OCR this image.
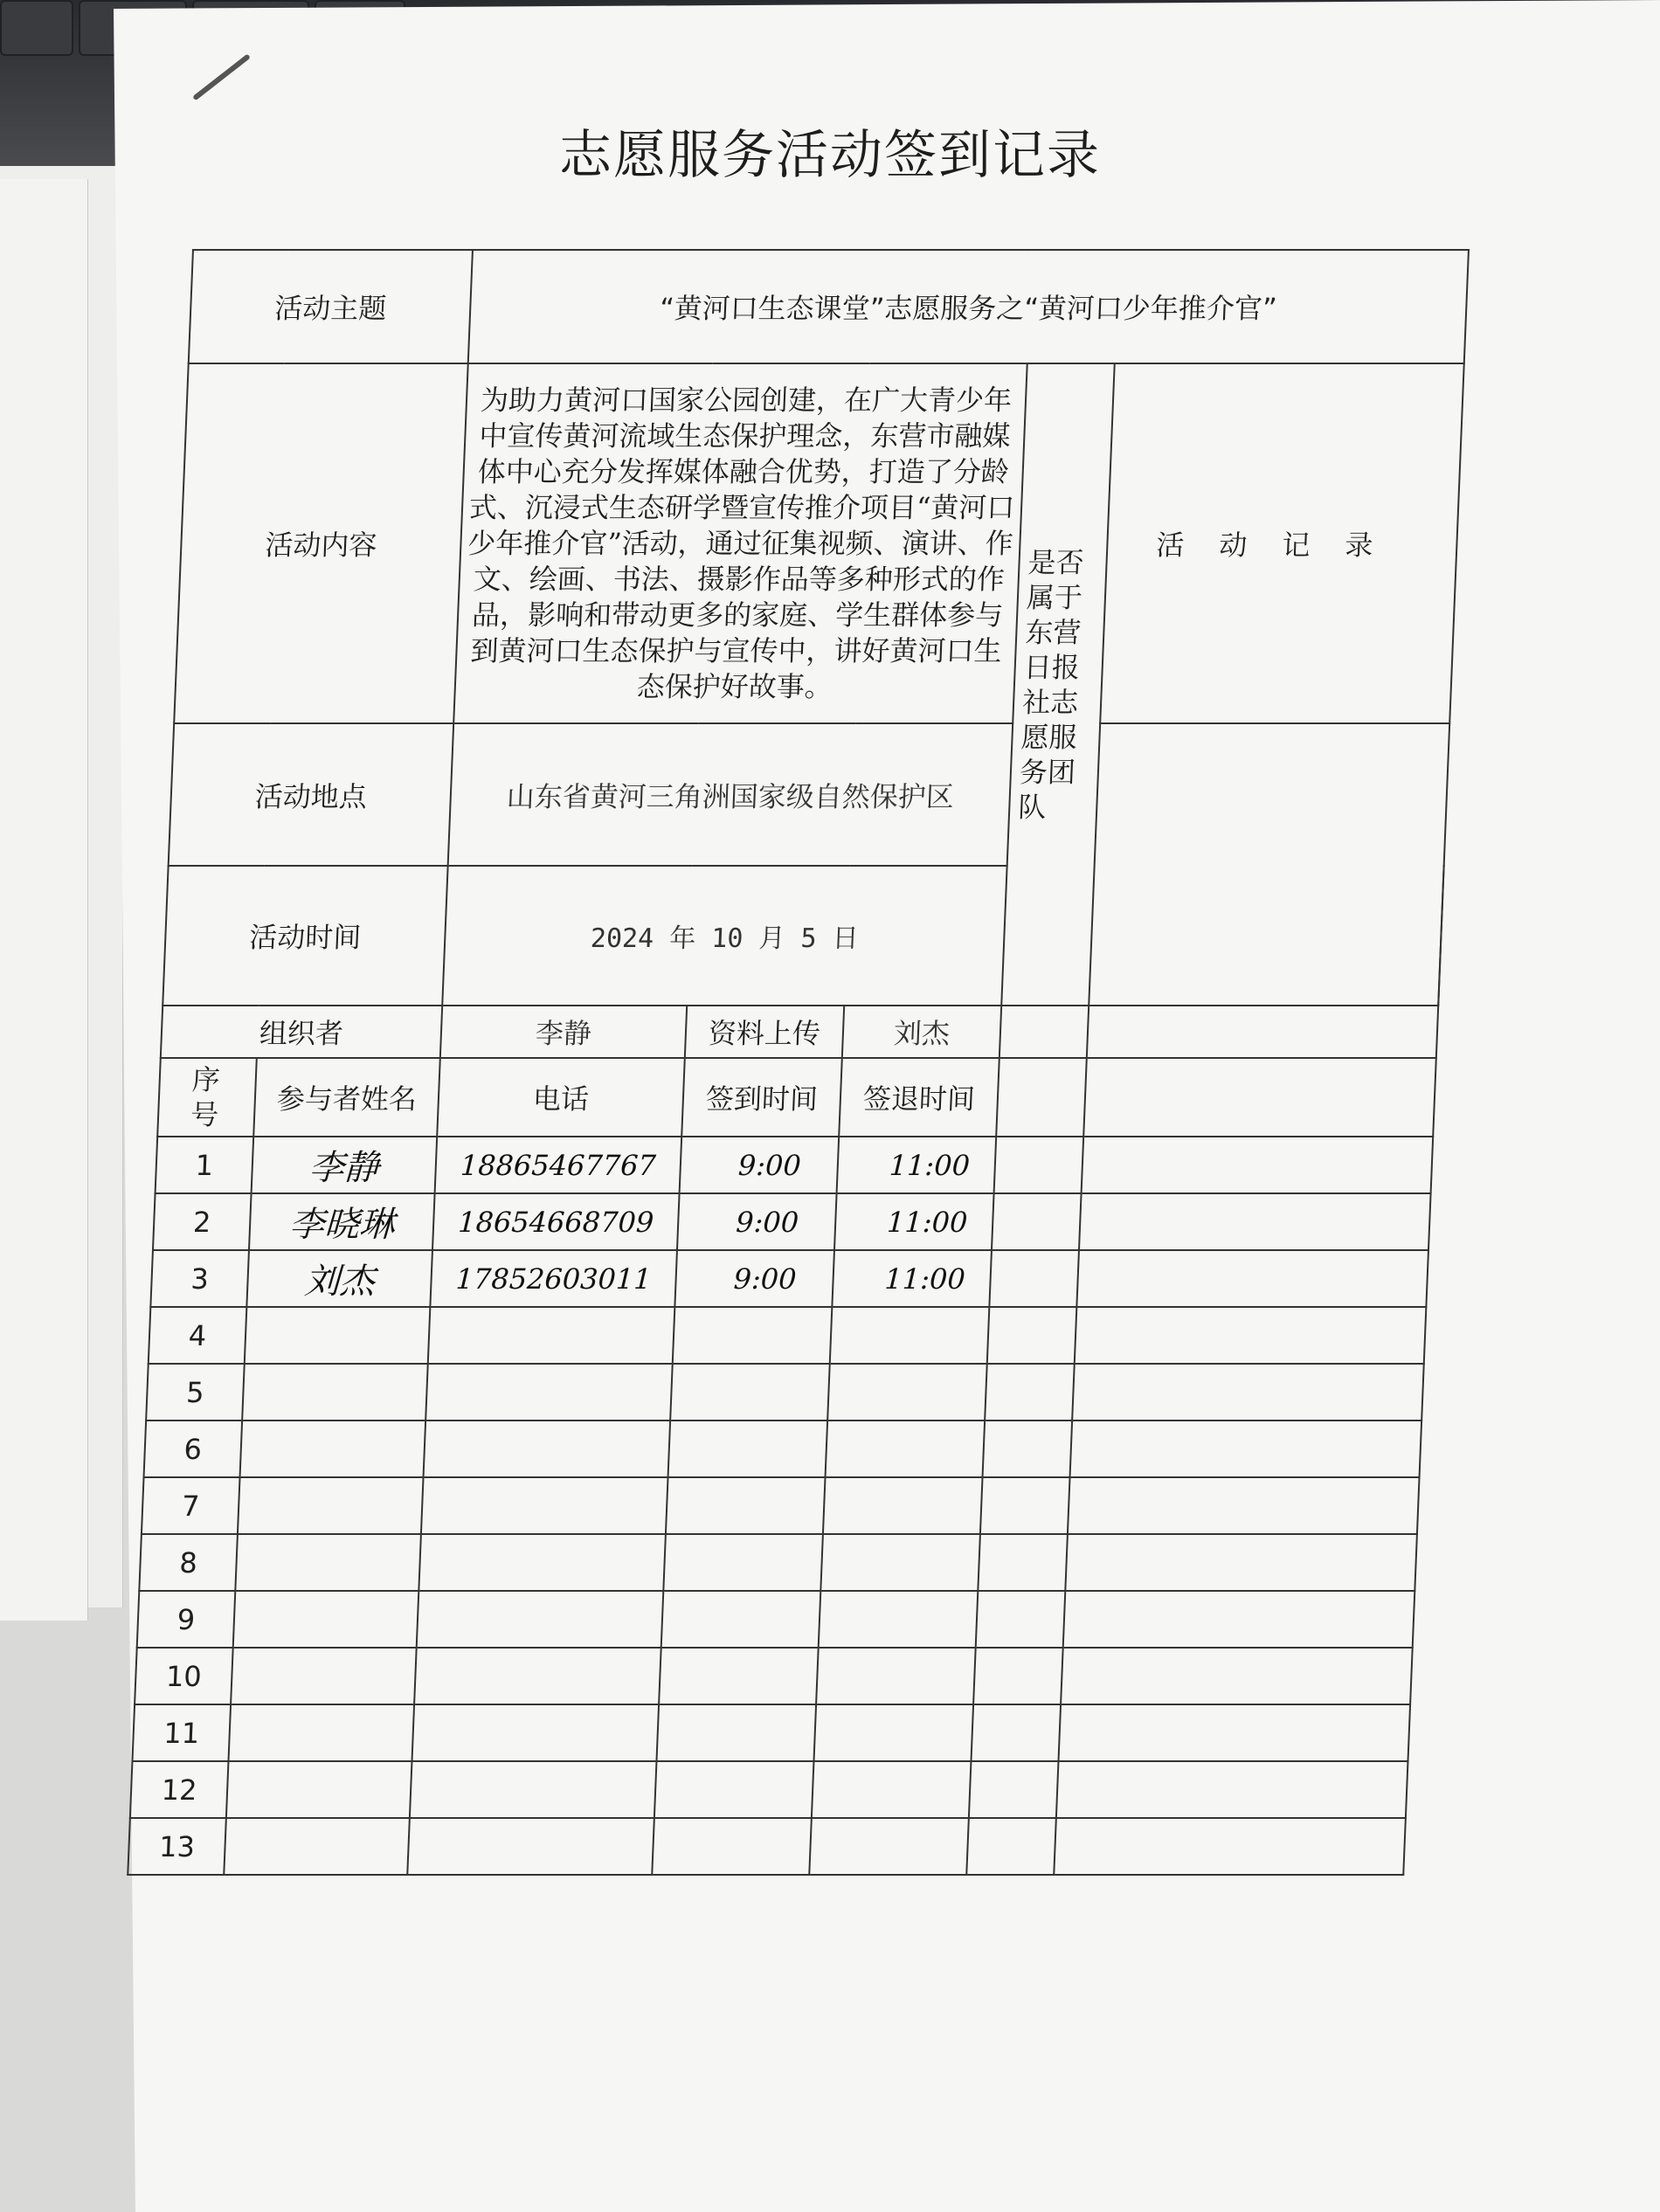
志愿服务活动签到记录
活动主题		“黄河口生态课堂”志愿服务之“黄河口少年推介官”					
活动内容		为助力黄河口国家公园创建，在广大青少年中宣传黄河流域生态保护理念，东营市融媒体中心充分发挥媒体融合优势，打造了分龄式、沉浸式生态研学暨宣传推介项目“黄河口少年推介官”活动，通过征集视频、演讲、作文、绘画、书法、摄影作品等多种形式的作品，影响和带动更多的家庭、学生群体参与到黄河口生态保护与宣传中，讲好黄河口生态保护好故事。			是否属于东营日报社志愿服务团队	活动记录	
活动地点		山东省黄河三角洲国家级自然保护区					
活动时间		2024 年 10 月 5 日					
组织者		李静	资料上传	刘杰			

序号	参与者姓名	电话	签到时间	签退时间			
1	李静	18865467767	9:00	11:00			
2	李晓琳	18654668709	9:00	11:00			
3	刘杰	17852603011	9:00	11:00			
4							
5							
6							
7							
8							
9							
10							
11							
12							
13							
